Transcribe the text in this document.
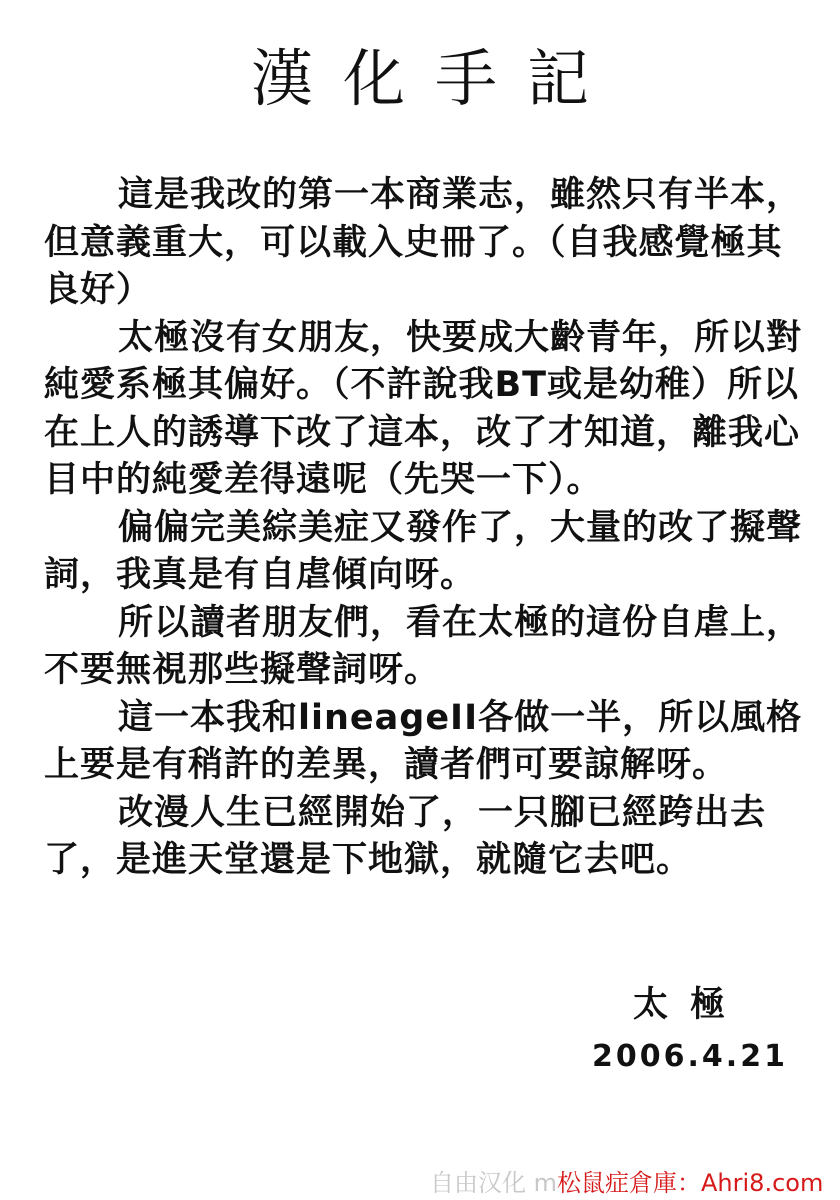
漢化手記

這是我改的第一本商業志，雖然只有半本，但意義重大，可以載入史冊了。（自我感覺極其良好）

太極沒有女朋友，快要成大齡青年，所以對純愛系極其偏好。（不許說我BT或是幼稚）所以在上人的誘導下改了這本，改了才知道，離我心目中的純愛差得遠呢（先哭一下）。

偏偏完美綜美症又發作了，大量的改了擬聲詞，我真是有自虐傾向呀。

所以讀者朋友們，看在太極的這份自虐上，不要無視那些擬聲詞呀。

這一本我和lineageII各做一半，所以風格上要是有稍許的差異，讀者們可要諒解呀。

改漫人生已經開始了，一只腳已經跨出去了，是進天堂還是下地獄，就隨它去吧。

太極
2006.4.21
自由汉化 m松鼠症倉庫：Ahri8.com
